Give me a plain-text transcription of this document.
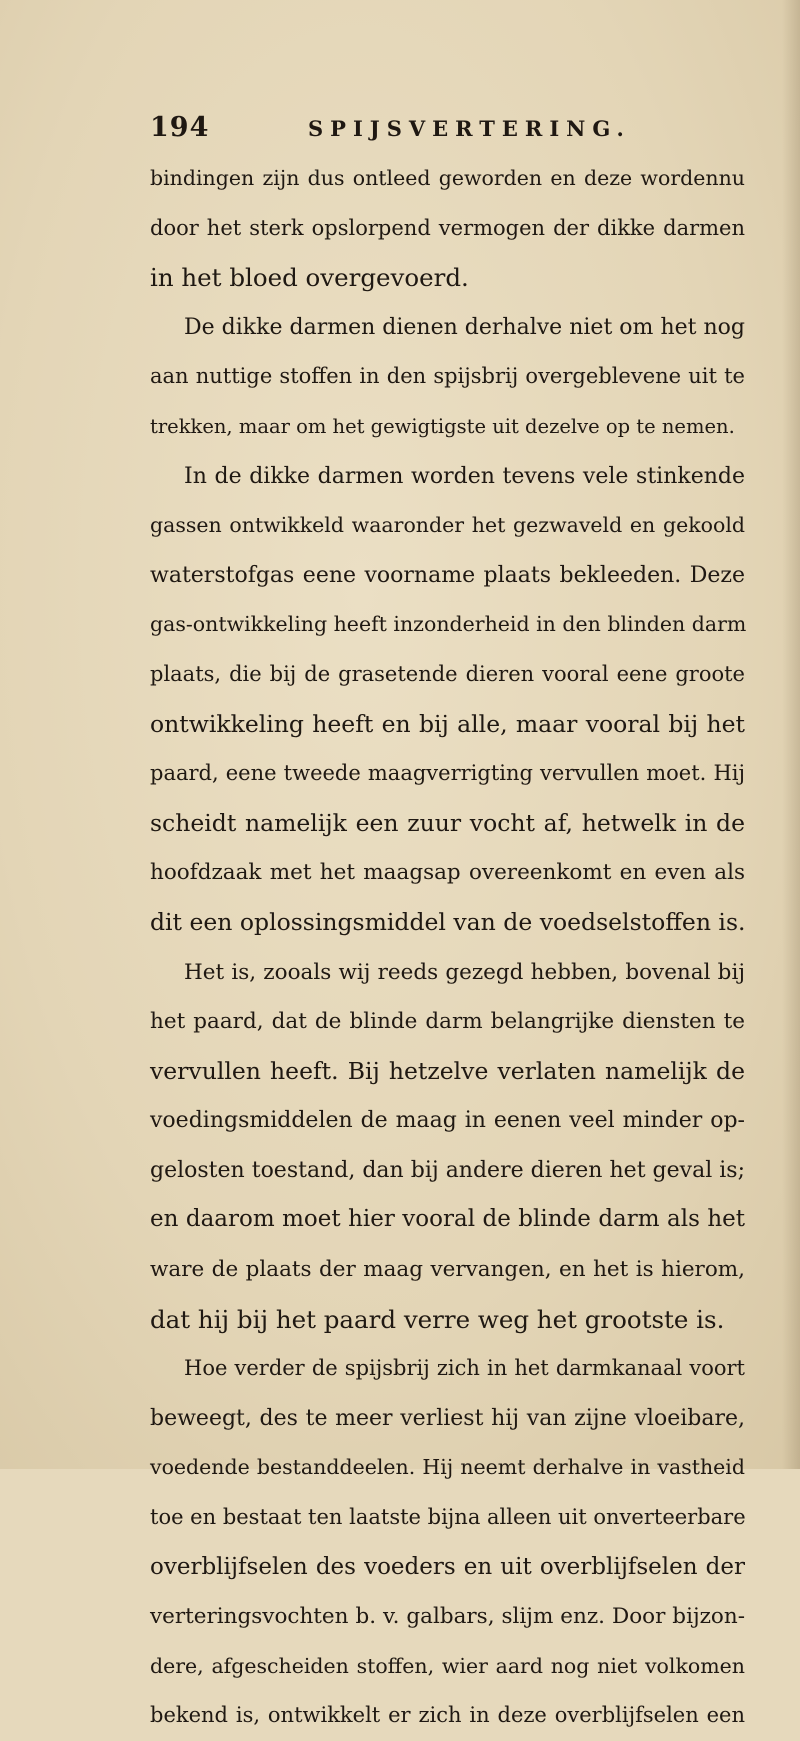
194	SPIJSVERTERING.
bindingen zijn dus ontleed geworden en deze wordennu
door het sterk opslorpend vermogen der dikke darmen
in het bloed overgevoerd.
De dikke darmen dienen derhalve niet om het nog
aan nuttige stoffen in den spijsbrij overgeblevene uit te
trekken, maar om het gewigtigste uit dezelve op te nemen.
In de dikke darmen worden tevens vele stinkende
gassen ontwikkeld waaronder het gezwaveld en gekoold
waterstofgas eene voorname plaats bekleeden. Deze
gas-ontwikkeling heeft inzonderheid in den blinden darm
plaats, die bij de grasetende dieren vooral eene groote
ontwikkeling heeft en bij alle, maar vooral bij het
paard, eene tweede maagverrigting vervullen moet. Hij
scheidt namelijk een zuur vocht af, hetwelk in de
hoofdzaak met het maagsap overeenkomt en even als
dit een oplossingsmiddel van de voedselstoffen is.
Het is, zooals wij reeds gezegd hebben, bovenal bij
het paard, dat de blinde darm belangrijke diensten te
vervullen heeft. Bij hetzelve verlaten namelijk de
voedingsmiddelen de maag in eenen veel minder op-
gelosten toestand, dan bij andere dieren het geval is;
en daarom moet hier vooral de blinde darm als het
ware de plaats der maag vervangen, en het is hierom,
dat hij bij het paard verre weg het grootste is.
Hoe verder de spijsbrij zich in het darmkanaal voort
beweegt, des te meer verliest hij van zijne vloeibare,
voedende bestanddeelen. Hij neemt derhalve in vastheid
toe en bestaat ten laatste bijna alleen uit onverteerbare
overblijfselen des voeders en uit overblijfselen der
verteringsvochten b. v. galbars, slijm enz. Door bijzon-
dere, afgescheiden stoffen, wier aard nog niet volkomen
bekend is, ontwikkelt er zich in deze overblijfselen een
